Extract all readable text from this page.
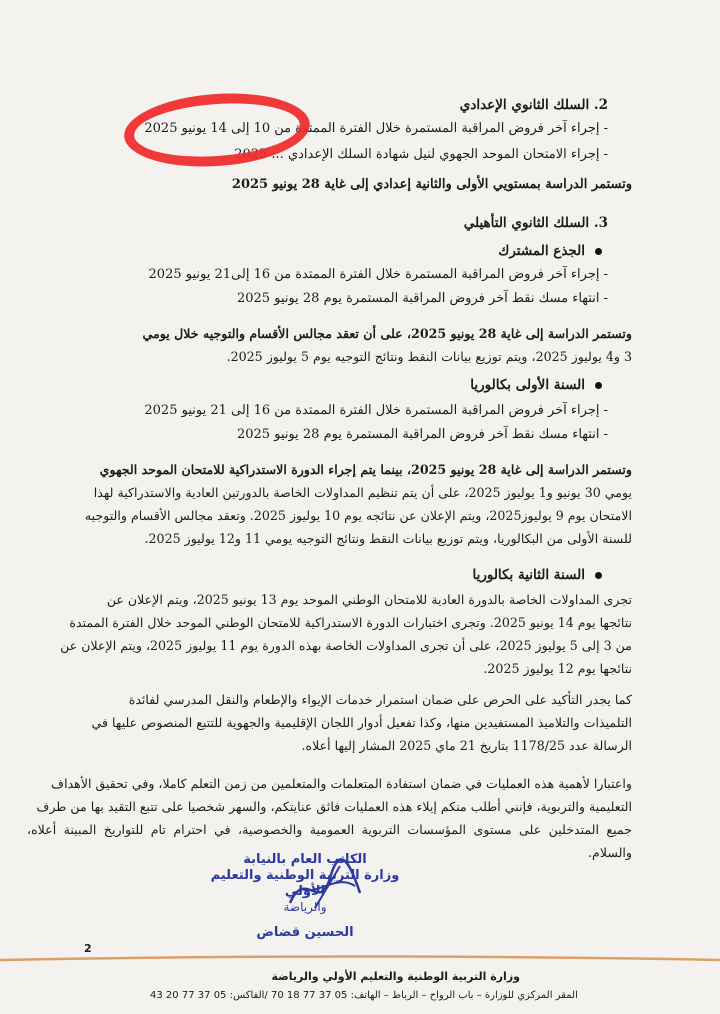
2. السلك الثانوي الإعدادي
- إجراء آخر فروض المراقبة المستمرة خلال الفترة الممتدة من 10 إلى 14 يونيو 2025
- إجراء الامتحان الموحد الجهوي لنيل شهادة السلك الإعدادي ... 2025
وتستمر الدراسة بمستويي الأولى والثانية إعدادي إلى غاية 28 يونيو 2025
3. السلك الثانوي التأهيلي
الجذع المشترك
- إجراء آخر فروض المراقبة المستمرة خلال الفترة الممتدة من 16 إلى21 يونيو 2025
- انتهاء مسك نقط آخر فروض المراقبة المستمرة يوم 28 يونيو 2025

وتستمر الدراسة إلى غاية 28 يونيو 2025، على أن تعقد مجالس الأقسام والتوجيه خلال يومي

3 و4 يوليوز 2025، ويتم توزيع بيانات النقط ونتائج التوجيه يوم 5 يوليوز 2025.

السنة الأولى بكالوريا
- إجراء آخر فروض المراقبة المستمرة خلال الفترة الممتدة من 16 إلى 21 يونيو 2025
- انتهاء مسك نقط آخر فروض المراقبة المستمرة يوم 28 يونيو 2025

وتستمر الدراسة إلى غاية 28 يونيو 2025، بينما يتم إجراء الدورة الاستدراكية للامتحان الموحد الجهوي

يومي 30 يونيو و1 يوليوز 2025، على أن يتم تنظيم المداولات الخاصة بالدورتين العادية والاستدراكية لهذا

الامتحان يوم 9 يوليوز2025، ويتم الإعلان عن نتائجه يوم 10 يوليوز 2025. وتعقد مجالس الأقسام والتوجيه

للسنة الأولى من البكالوريا، ويتم توزيع بيانات النقط ونتائج التوجيه يومي 11 و12 يوليوز 2025.

السنة الثانية بكالوريا

تجرى المداولات الخاصة بالدورة العادية للامتحان الوطني الموحد يوم 13 يونيو 2025، ويتم الإعلان عن

نتائجها يوم 14 يونيو 2025. وتجرى اختبارات الدورة الاستدراكية للامتحان الوطني الموحد خلال الفترة الممتدة

من 3 إلى 5 يوليوز 2025، على أن تجرى المداولات الخاصة بهذه الدورة يوم 11 يوليوز 2025، ويتم الإعلان عن

نتائجها يوم 12 يوليوز 2025.

كما يجدر التأكيد على الحرص على ضمان استمرار خدمات الإيواء والإطعام والنقل المدرسي لفائدة

التلميذات والتلاميذ المستفيدين منها، وكذا تفعيل أدوار اللجان الإقليمية والجهوية للتتبع المنصوص عليها في

الرسالة عدد 1178/25 بتاريخ 21 ماي 2025 المشار إليها أعلاه.

واعتبارا لأهمية هذه العمليات في ضمان استفادة المتعلمات والمتعلمين من زمن التعلم كاملا، وفي تحقيق الأهداف

التعليمية والتربوية، فإنني أطلب منكم إيلاء هذه العمليات فائق عنايتكم، والسهر شخصيا على تتبع التقيد بها من طرف

جميع المتدخلين على مستوى المؤسسات التربوية العمومية والخصوصية، في احترام تام للتواريخ المبينة أعلاه، والسلام.

الكاتب العام بالنيابة
وزارة التربية الوطنية والتعليم الأولي
والرياضة
الحسين قضاض
2
وزارة التربية الوطنية والتعليم الأولي والرياضة
المقر المركزي للوزارة – باب الرواح – الرباط – الهاتف: 05 37 77 18 70 /الفاكس: 05 37 77 20 43
